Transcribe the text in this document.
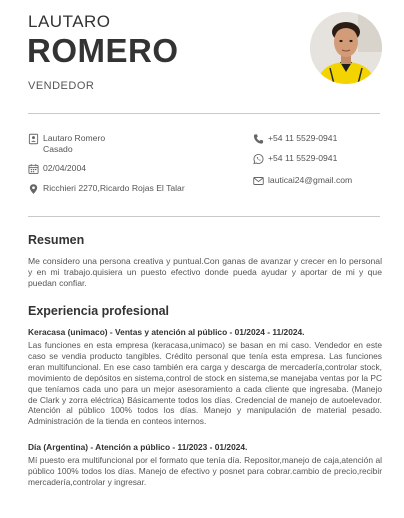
LAUTARO
ROMERO
VENDEDOR
Lautaro Romero
Casado
02/04/2004
Ricchieri 2270,Ricardo Rojas El Talar
+54 11 5529-0941
+54 11 5529-0941
lauticai24@gmail.com
Resumen

Me considero una persona creativa y puntual.Con ganas de avanzar y crecer en lo personal y en mi trabajo.quisiera un puesto efectivo donde pueda ayudar y aportar de mi y que puedan confiar.

Experiencia profesional
Keracasa (unimaco) - Ventas y atención al público - 01/2024 - 11/2024.

Las funciones en esta empresa (keracasa,unimaco) se basan en mi caso. Vendedor en este caso se vendia producto tangibles. Crédito personal que tenía esta empresa. Las funciones eran multifuncional. En ese caso también era carga y descarga de mercadería,controlar stock, movimiento de depósitos en sistema,control de stock en sistema,se manejaba ventas por la PC que teníamos cada uno para un mejor asesoramiento a cada cliente que ingresaba. (Manejo de Clark y zorra eléctrica) Básicamente todos los días. Credencial de manejo de autoelevador. Atención al público 100% todos los días. Manejo y manipulación de material pesado. Administración de la tienda en conteos internos.

Día (Argentina) - Atención a público - 11/2023 - 01/2024.

Mí puesto era multifuncional por el formato que tenía día. Repositor,manejo de caja,atención al público 100% todos los días. Manejo de efectivo y posnet para cobrar.cambio de precio,recibir mercadería,controlar y ingresar.
